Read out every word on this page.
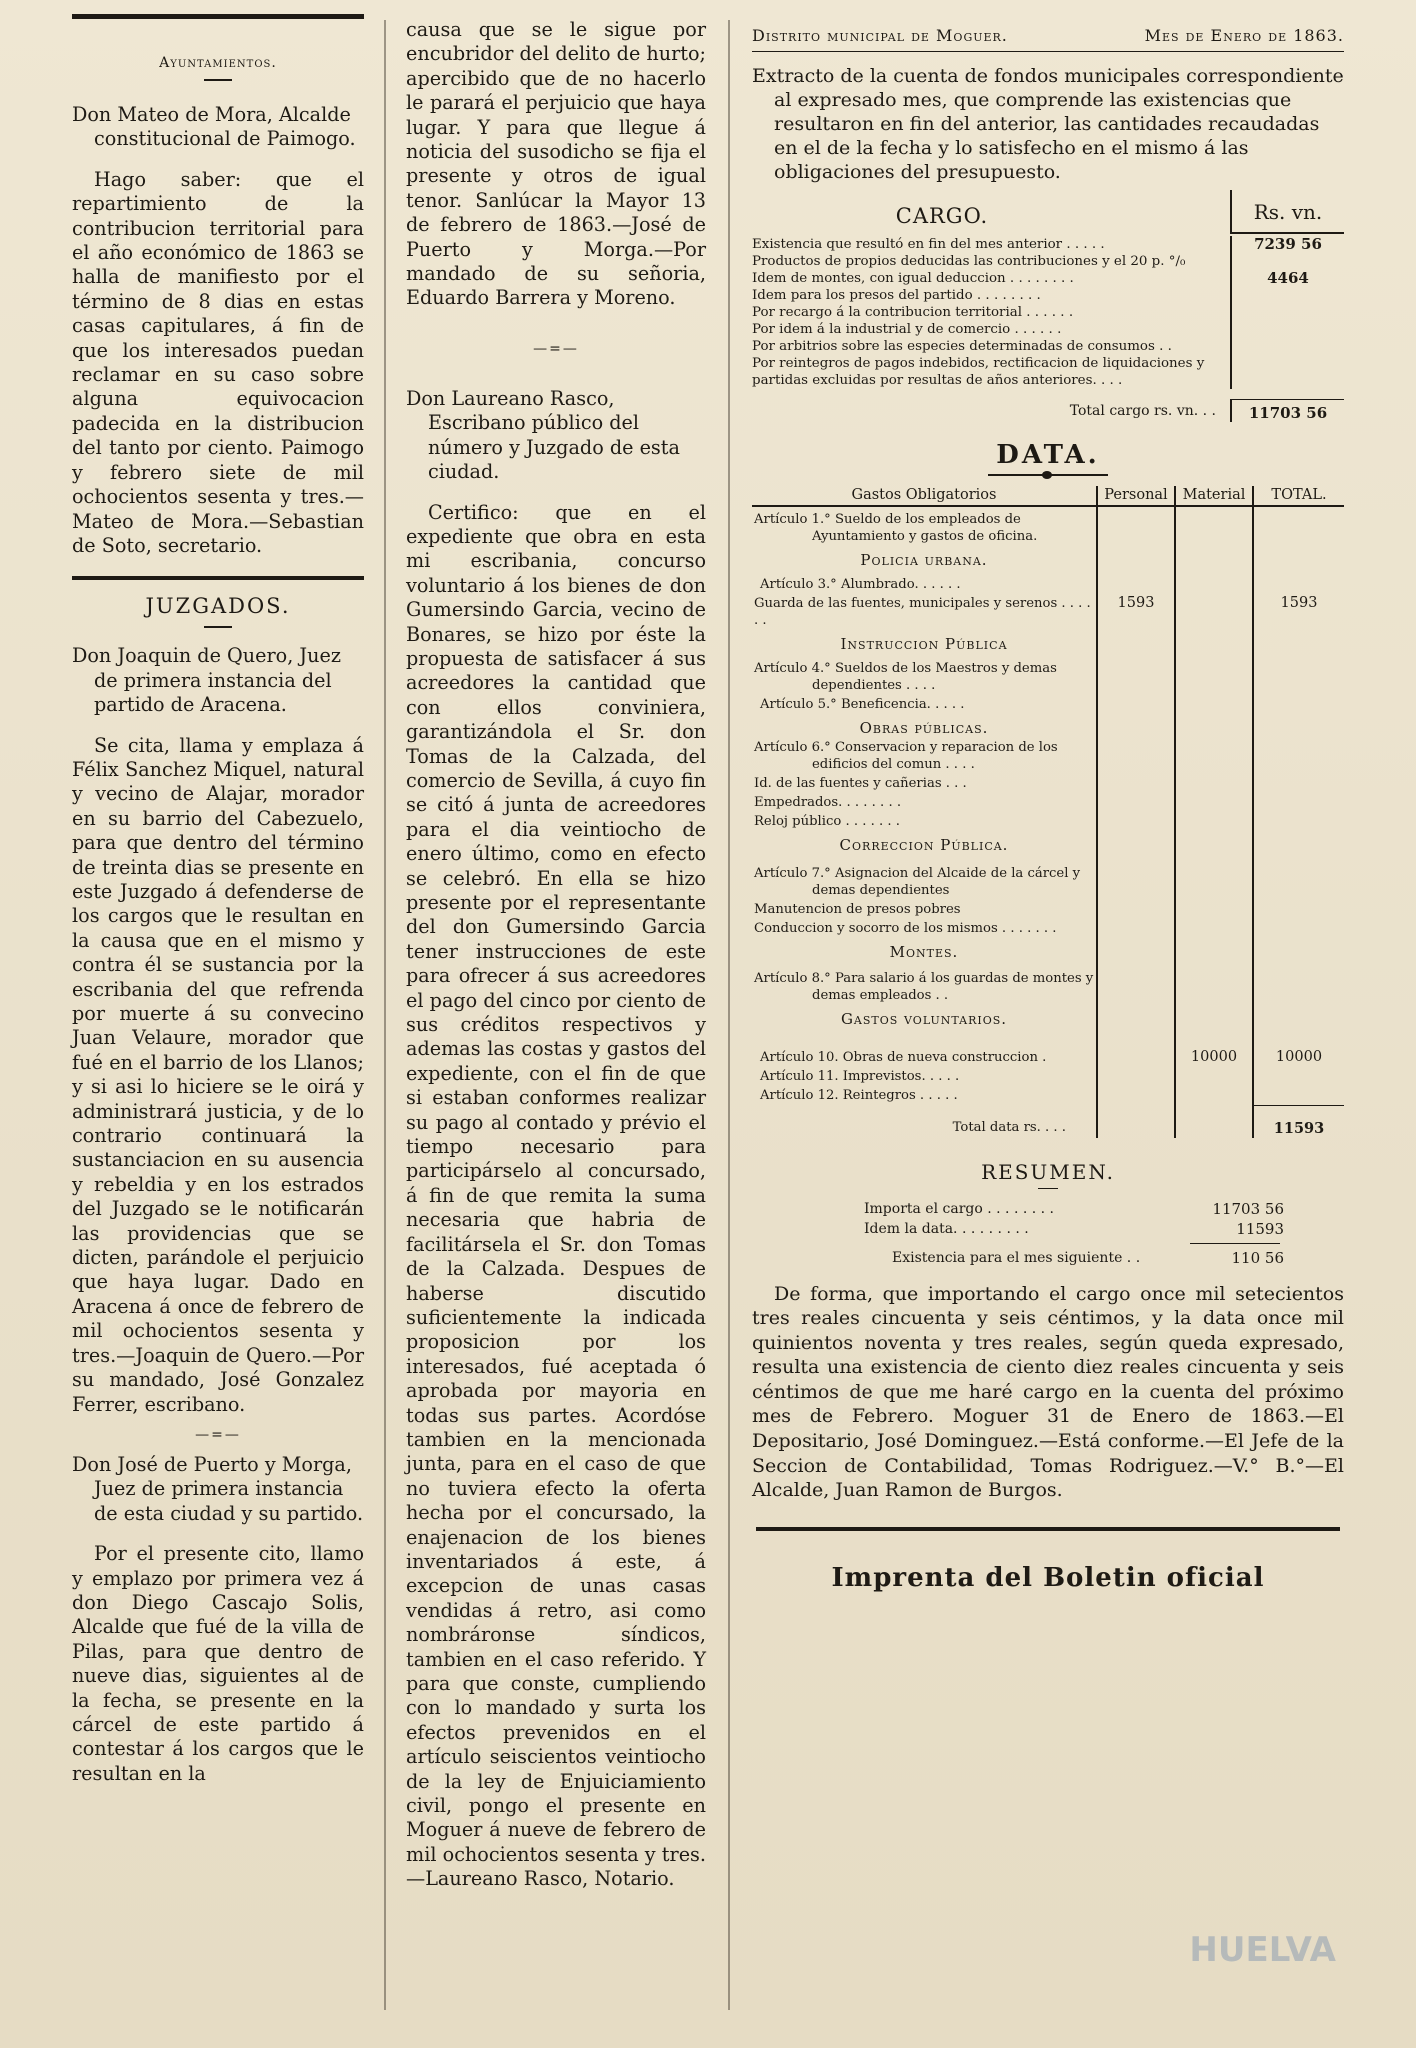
Ayuntamientos.

Don Mateo de Mora, Alcalde constitucional de Paimogo.

Hago saber: que el repartimiento de la contribucion territorial para el año económico de 1863 se halla de manifiesto por el término de 8 dias en estas casas capitulares, á fin de que los interesados puedan reclamar en su caso sobre alguna equivocacion padecida en la distribucion del tanto por ciento. Paimogo y febrero siete de mil ochocientos sesenta y tres.—Mateo de Mora.—Sebastian de Soto, secretario.

JUZGADOS.

Don Joaquin de Quero, Juez de primera instancia del partido de Aracena.

Se cita, llama y emplaza á Félix Sanchez Miquel, natural y vecino de Alajar, morador en su barrio del Cabezuelo, para que dentro del término de treinta dias se presente en este Juzgado á defenderse de los cargos que le resultan en la causa que en el mismo y contra él se sustancia por la escribania del que refrenda por muerte á su convecino Juan Velaure, morador que fué en el barrio de los Llanos; y si asi lo hiciere se le oirá y administrará justicia, y de lo contrario continuará la sustanciacion en su ausencia y rebeldia y en los estrados del Juzgado se le notificarán las providencias que se dicten, parándole el perjuicio que haya lugar. Dado en Aracena á once de febrero de mil ochocientos sesenta y tres.—Joaquin de Quero.—Por su mandado, José Gonzalez Ferrer, escribano.

—=—

Don José de Puerto y Morga, Juez de primera instancia de esta ciudad y su partido.

Por el presente cito, llamo y emplazo por primera vez á don Diego Cascajo Solis, Alcalde que fué de la villa de Pilas, para que dentro de nueve dias, siguientes al de la fecha, se presente en la cárcel de este partido á contestar á los cargos que le resultan en la

causa que se le sigue por encubridor del delito de hurto; apercibido que de no hacerlo le parará el perjuicio que haya lugar. Y para que llegue á noticia del susodicho se fija el presente y otros de igual tenor. Sanlúcar la Mayor 13 de febrero de 1863.—José de Puerto y Morga.—Por mandado de su señoria, Eduardo Barrera y Moreno.

—=—

Don Laureano Rasco, Escribano público del número y Juzgado de esta ciudad.

Certifico: que en el expediente que obra en esta mi escribania, concurso voluntario á los bienes de don Gumersindo Garcia, vecino de Bonares, se hizo por éste la propuesta de satisfacer á sus acreedores la cantidad que con ellos conviniera, garantizándola el Sr. don Tomas de la Calzada, del comercio de Sevilla, á cuyo fin se citó á junta de acreedores para el dia veintiocho de enero último, como en efecto se celebró. En ella se hizo presente por el representante del don Gumersindo Garcia tener instrucciones de este para ofrecer á sus acreedores el pago del cinco por ciento de sus créditos respectivos y ademas las costas y gastos del expediente, con el fin de que si estaban conformes realizar su pago al contado y prévio el tiempo necesario para participárselo al concursado, á fin de que remita la suma necesaria que habria de facilitársela el Sr. don Tomas de la Calzada. Despues de haberse discutido suficientemente la indicada proposicion por los interesados, fué aceptada ó aprobada por mayoria en todas sus partes. Acordóse tambien en la mencionada junta, para en el caso de que no tuviera efecto la oferta hecha por el concursado, la enajenacion de los bienes inventariados á este, á excepcion de unas casas vendidas á retro, asi como nombráronse síndicos, tambien en el caso referido. Y para que conste, cumpliendo con lo mandado y surta los efectos prevenidos en el artículo seiscientos veintiocho de la ley de Enjuiciamiento civil, pongo el presente en Moguer á nueve de febrero de mil ochocientos sesenta y tres.—Laureano Rasco, Notario.

Distrito municipal de Moguer.	Mes de Enero de 1863.

Extracto de la cuenta de fondos municipales correspondiente al expresado mes, que comprende las existencias que resultaron en fin del anterior, las cantidades recaudadas en el de la fecha y lo satisfecho en el mismo á las obligaciones del presupuesto.

CARGO.	Rs. vn.
Existencia que resultó en fin del mes anterior . . . . .	7239 56
Productos de propios deducidas las contribuciones y el 20 p. °/₀
Idem de montes, con igual deduccion . . . . . . . .	4464
Idem para los presos del partido . . . . . . . .
Por recargo á la contribucion territorial . . . . . .
Por idem á la industrial y de comercio . . . . . .
Por arbitrios sobre las especies determinadas de consumos . .
Por reintegros de pagos indebidos, rectificacion de liquidaciones y partidas excluidas por resultas de años anteriores. . . .
Total cargo rs. vn. . .	11703 56
DATA.
Gastos Obligatorios	Personal	Material	TOTAL.
Artículo 1.° Sueldo de los empleados de Ayuntamiento y gastos de oficina.			
Policia urbana.			
Artículo 3.° Alumbrado. . . . . .			
Guarda de las fuentes, municipales y serenos . . . . . .	1593		1593
Instruccion Pública			
Artículo 4.° Sueldos de los Maestros y demas dependientes . . . .			
Artículo 5.° Beneficencia. . . . .			
Obras públicas.			
Artículo 6.° Conservacion y reparacion de los edificios del comun . . . .			
Id. de las fuentes y cañerias . . .			
Empedrados. . . . . . . .			
Reloj público . . . . . . .			
Correccion Pública.			
Artículo 7.° Asignacion del Alcaide de la cárcel y demas dependientes			
Manutencion de presos pobres			
Conduccion y socorro de los mismos . . . . . . .			
Montes.			
Artículo 8.° Para salario á los guardas de montes y demas empleados . .			
Gastos voluntarios.			
Artículo 10. Obras de nueva construccion .		10000	10000
Artículo 11. Imprevistos. . . . .			
Artículo 12. Reintegros . . . . .			
Total data rs. . . .			11593
RESUMEN.
Importa el cargo . . . . . . . .	11703 56
Idem la data. . . . . . . . .	11593
Existencia para el mes siguiente . .	110 56

De forma, que importando el cargo once mil setecientos tres reales cincuenta y seis céntimos, y la data once mil quinientos noventa y tres reales, según queda expresado, resulta una existencia de ciento diez reales cincuenta y seis céntimos de que me haré cargo en la cuenta del próximo mes de Febrero. Moguer 31 de Enero de 1863.—El Depositario, José Dominguez.—Está conforme.—El Jefe de la Seccion de Contabilidad, Tomas Rodriguez.—V.° B.°—El Alcalde, Juan Ramon de Burgos.

Imprenta del Boletin oficial
HUELVA
